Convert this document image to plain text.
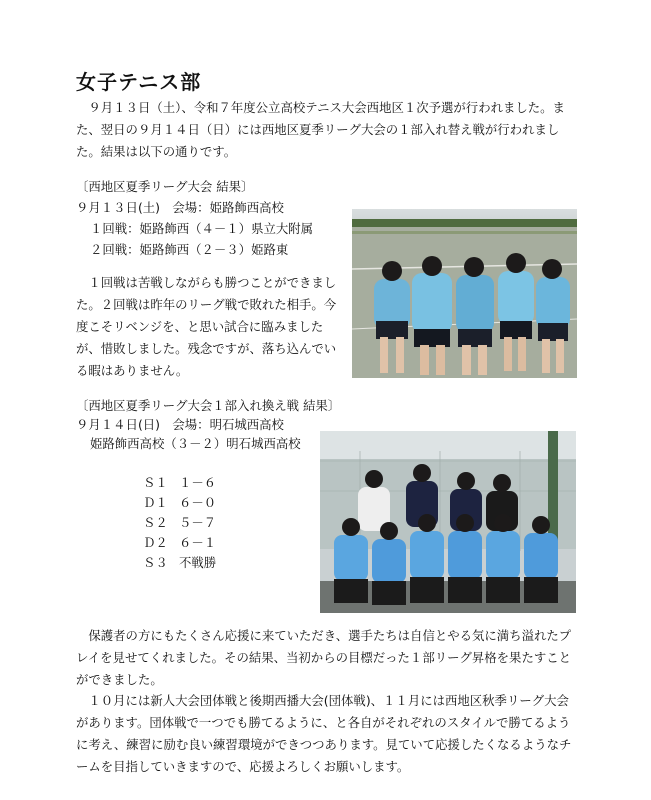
女子テニス部
　９月１３日（土）、令和７年度公立高校テニス大会西地区１次予選が行われました。また、翌日の９月１４日（日）には西地区夏季リーグ大会の１部入れ替え戦が行われました。結果は以下の通りです。
〔西地区夏季リーグ大会 結果〕
９月１３日(土)　会場：姫路飾西高校
１回戦：姫路飾西（４－１）県立大附属
２回戦：姫路飾西（２－３）姫路東
　１回戦は苦戦しながらも勝つことができました。２回戦は昨年のリーグ戦で敗れた相手。今度こそリベンジを、と思い試合に臨みましたが、惜敗しました。残念ですが、落ち込んでいる暇はありません。
〔西地区夏季リーグ大会１部入れ換え戦 結果〕
９月１４日(日)　会場：明石城西高校
姫路飾西高校（３－２）明石城西高校
Ｓ１ １－６
Ｄ１ ６－０
Ｓ２ ５－７
Ｄ２ ６－１
Ｓ３ 不戦勝
　保護者の方にもたくさん応援に来ていただき、選手たちは自信とやる気に満ち溢れたプレイを見せてくれました。その結果、当初からの目標だった１部リーグ昇格を果たすことができました。
　１０月には新人大会団体戦と後期西播大会(団体戦)、１１月には西地区秋季リーグ大会があります。団体戦で一つでも勝てるように、と各自がそれぞれのスタイルで勝てるように考え、練習に励む良い練習環境ができつつあります。見ていて応援したくなるようなチームを目指していきますので、応援よろしくお願いします。
